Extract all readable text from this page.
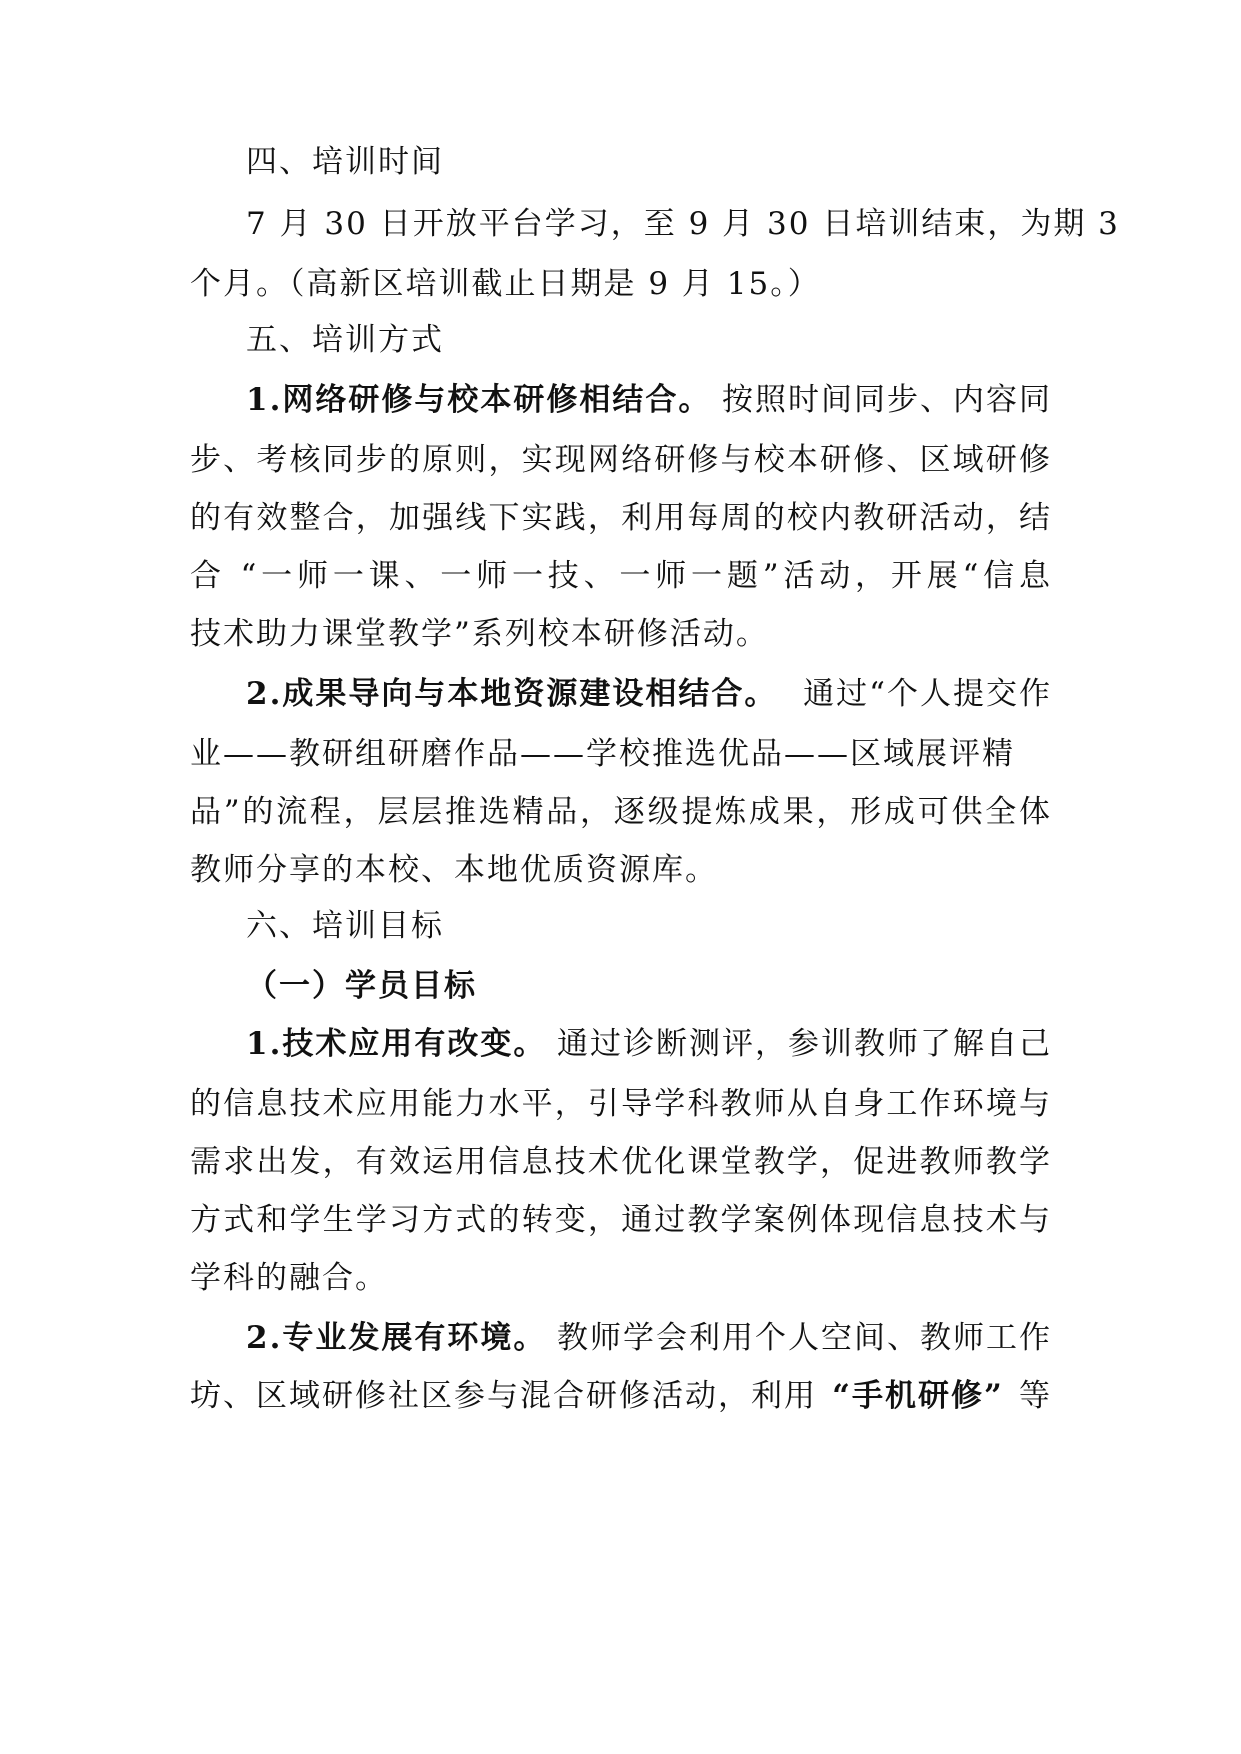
四、培训时间
7 月 30 日开放平台学习，至 9 月 30 日培训结束，为期 3
个月。（高新区培训截止日期是 9 月 15。）
五、培训方式
1.网络研修与校本研修相结合。 按照时间同步、内容同
步、考核同步的原则，实现网络研修与校本研修、区域研修
的有效整合，加强线下实践，利用每周的校内教研活动，结
合 “一师一课、一师一技、一师一题”活动，开展“信息
技术助力课堂教学”系列校本研修活动。
2.成果导向与本地资源建设相结合。 通过“个人提交作
业——教研组研磨作品——学校推选优品——区域展评精
品”的流程，层层推选精品，逐级提炼成果，形成可供全体
教师分享的本校、本地优质资源库。
六、培训目标
（一）学员目标
1.技术应用有改变。 通过诊断测评，参训教师了解自己
的信息技术应用能力水平，引导学科教师从自身工作环境与
需求出发，有效运用信息技术优化课堂教学，促进教师教学
方式和学生学习方式的转变，通过教学案例体现信息技术与
学科的融合。
2.专业发展有环境。 教师学会利用个人空间、教师工作
坊、区域研修社区参与混合研修活动，利用 “手机研修” 等
